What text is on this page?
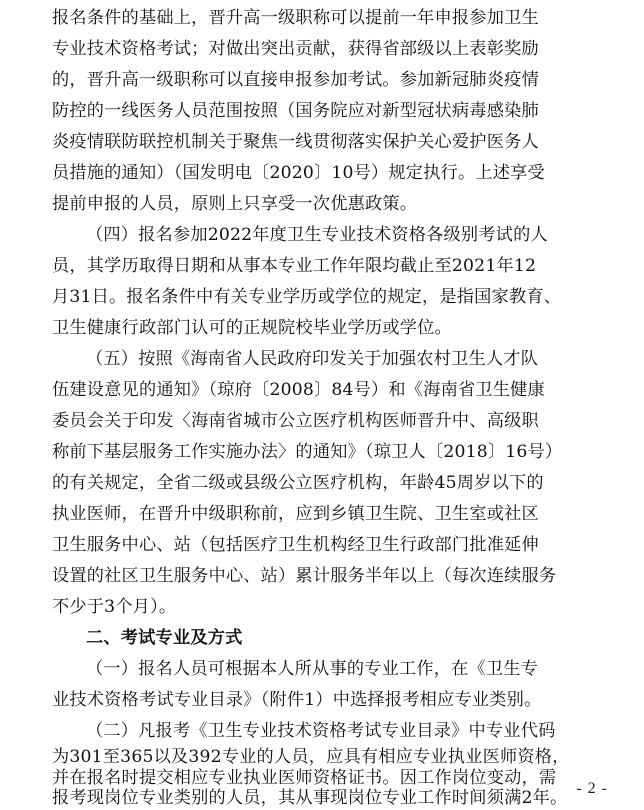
报名条件的基础上，晋升高一级职称可以提前一年申报参加卫生
专业技术资格考试；对做出突出贡献，获得省部级以上表彰奖励
的，晋升高一级职称可以直接申报参加考试。参加新冠肺炎疫情
防控的一线医务人员范围按照（国务院应对新型冠状病毒感染肺
炎疫情联防联控机制关于聚焦一线贯彻落实保护关心爱护医务人
员措施的通知）（国发明电〔2020〕10号）规定执行。上述享受
提前申报的人员，原则上只享受一次优惠政策。
（四）报名参加2022年度卫生专业技术资格各级别考试的人
员，其学历取得日期和从事本专业工作年限均截止至2021年12
月31日。报名条件中有关专业学历或学位的规定，是指国家教育、
卫生健康行政部门认可的正规院校毕业学历或学位。
（五）按照《海南省人民政府印发关于加强农村卫生人才队
伍建设意见的通知》（琼府〔2008〕84号）和《海南省卫生健康
委员会关于印发〈海南省城市公立医疗机构医师晋升中、高级职
称前下基层服务工作实施办法〉的通知》（琼卫人〔2018〕16号）
的有关规定，全省二级或县级公立医疗机构，年龄45周岁以下的
执业医师，在晋升中级职称前，应到乡镇卫生院、卫生室或社区
卫生服务中心、站（包括医疗卫生机构经卫生行政部门批准延伸
设置的社区卫生服务中心、站）累计服务半年以上（每次连续服务
不少于3个月）。
二、考试专业及方式
（一）报名人员可根据本人所从事的专业工作，在《卫生专
业技术资格考试专业目录》（附件1）中选择报考相应专业类别。
（二）凡报考《卫生专业技术资格考试专业目录》中专业代码
为301至365以及392专业的人员，应具有相应专业执业医师资格，
并在报名时提交相应专业执业医师资格证书。因工作岗位变动，需
报考现岗位专业类别的人员，其从事现岗位专业工作时间须满2年。 - 2 -
